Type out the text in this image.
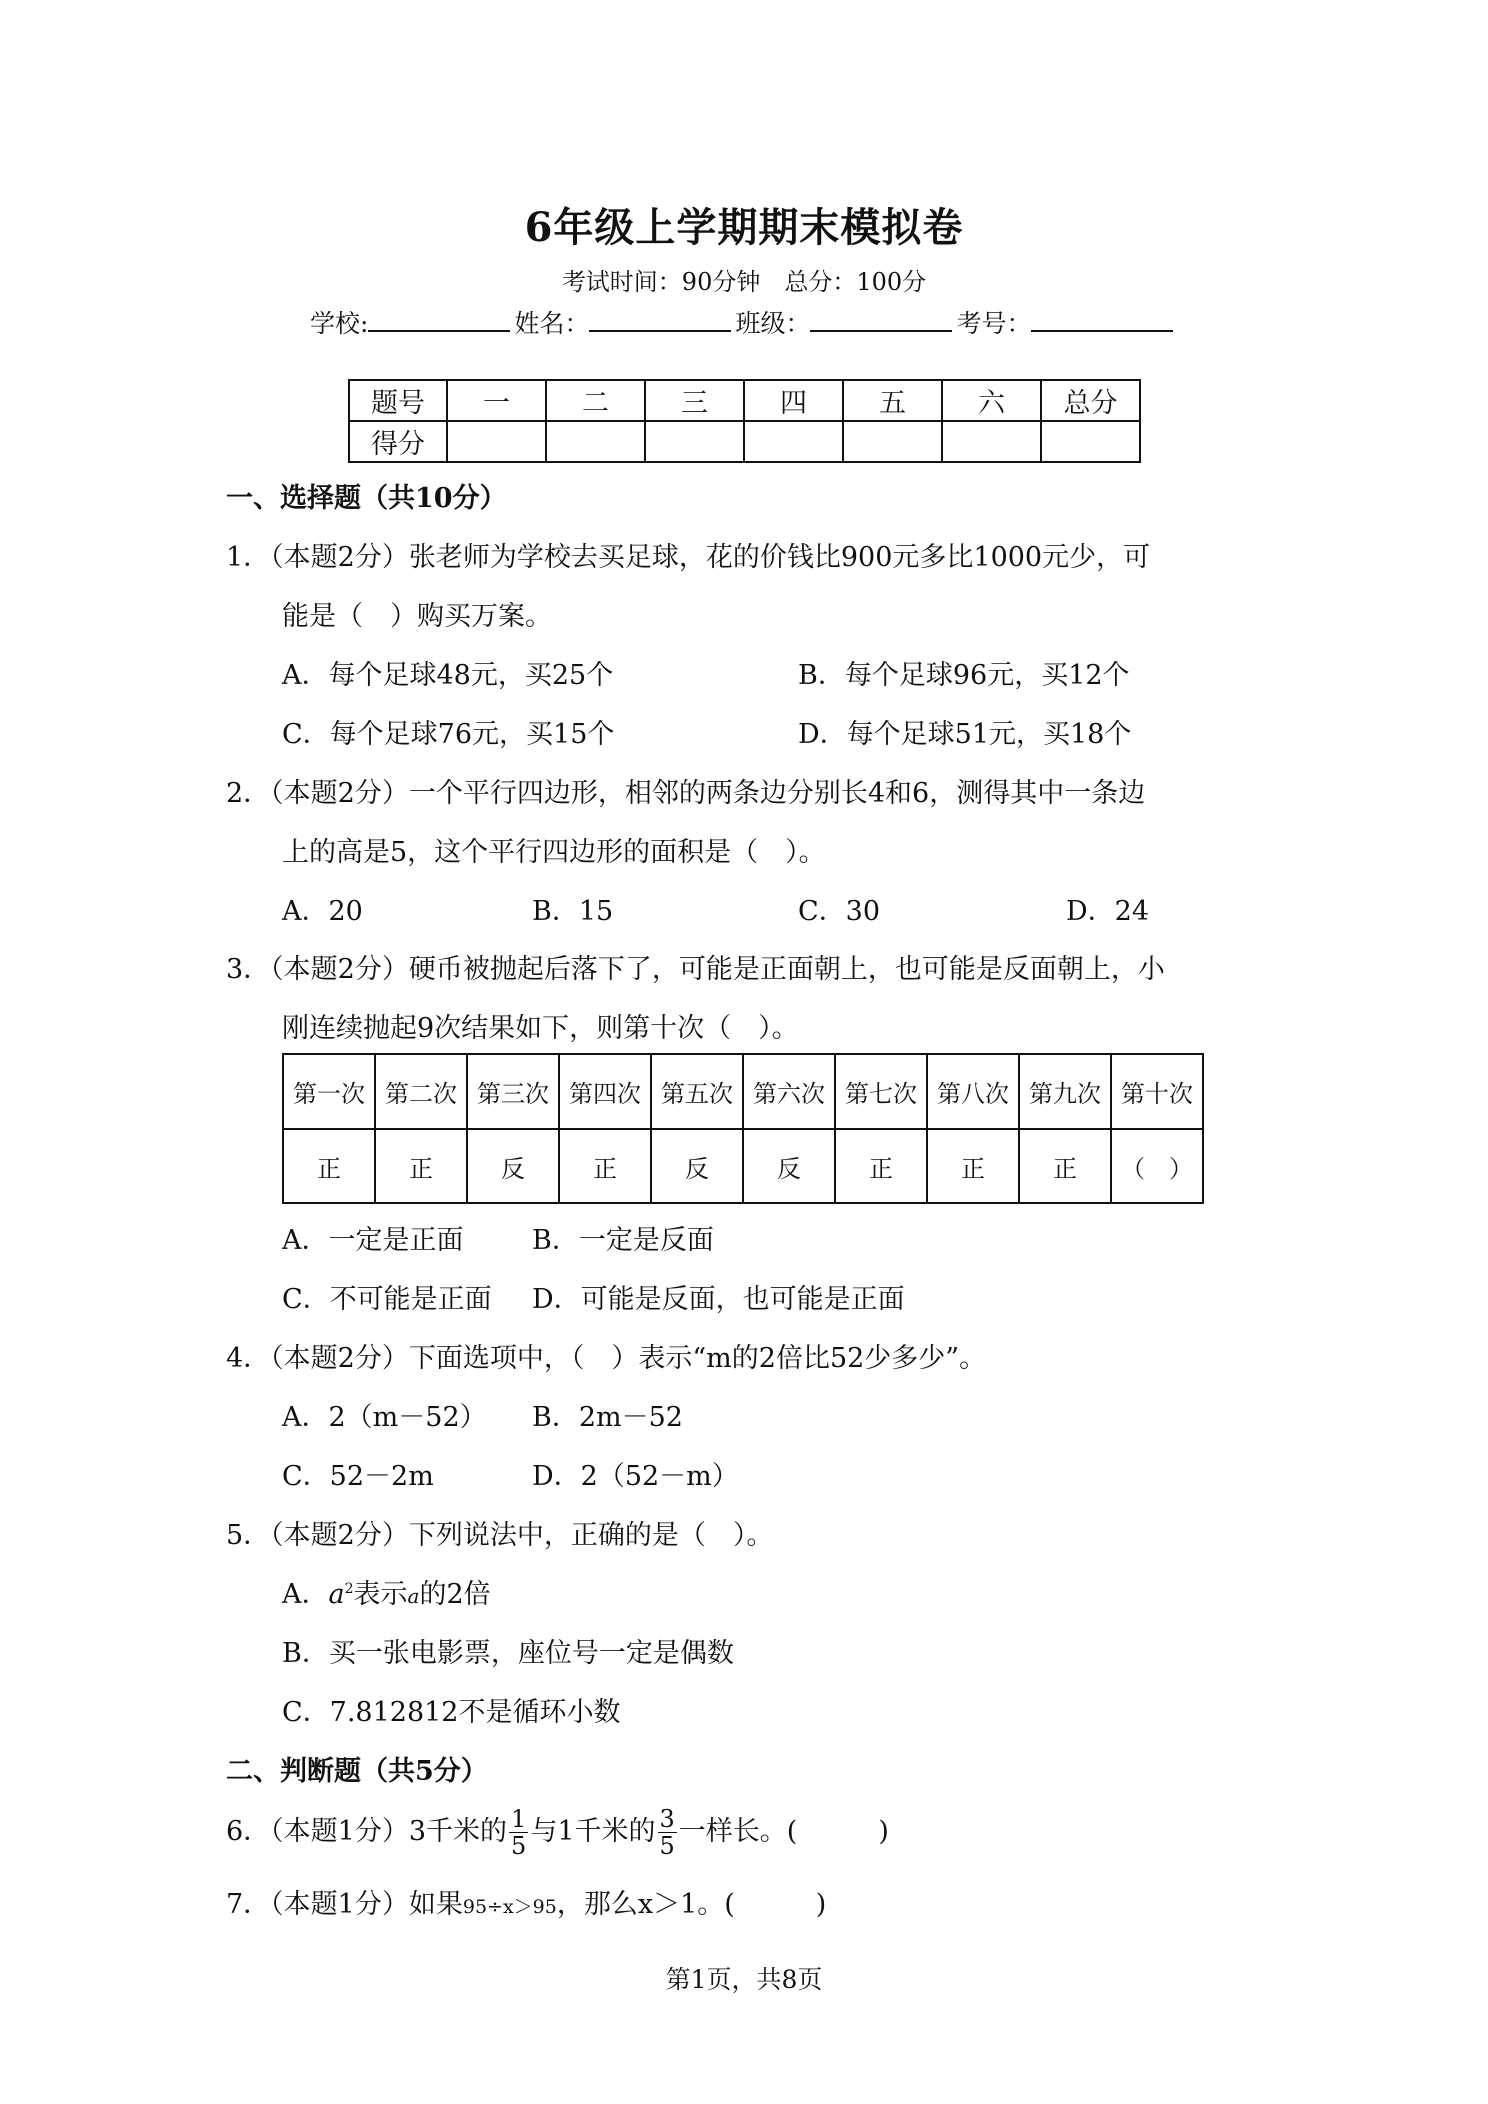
6年级上学期期末模拟卷
考试时间：90分钟　总分：100分
学校:	姓名：	班级：	考号：
题号	一	二	三	四	五	六	总分
得分							
一、选择题（共10分）
1．（本题2分）张老师为学校去买足球，花的价钱比900元多比1000元少，可
能是（　）购买万案。
A．每个足球48元，买25个	B．每个足球96元，买12个
C．每个足球76元，买15个	D．每个足球51元，买18个
2．（本题2分）一个平行四边形，相邻的两条边分别长4和6，测得其中一条边
上的高是5，这个平行四边形的面积是（　）。
A．20	B．15	C．30	D．24
3．（本题2分）硬币被抛起后落下了，可能是正面朝上，也可能是反面朝上，小
刚连续抛起9次结果如下，则第十次（　）。
第一次	第二次	第三次	第四次	第五次	第六次	第七次	第八次	第九次	第十次
正	正	反	正	反	反	正	正	正	（　）
A．一定是正面	B．一定是反面
C．不可能是正面 D．可能是反面，也可能是正面
4．（本题2分）下面选项中，（　）表示“m的2倍比52少多少”。
A．2（m－52） B．2m－52
C．52－2m	D．2（52－m）
5．（本题2分）下列说法中，正确的是（　）。
A．$a^2$表示a的2倍
B．买一张电影票，座位号一定是偶数
C．7.812812不是循环小数
二、判断题（共5分）
6．（本题1分）3千米的 $\frac{1}{5}$ 与1千米的 $\frac{3}{5}$ 一样长。(　　　)
7．（本题1分）如果95÷x＞95，那么x＞1。(　　　)
第1页，共8页
